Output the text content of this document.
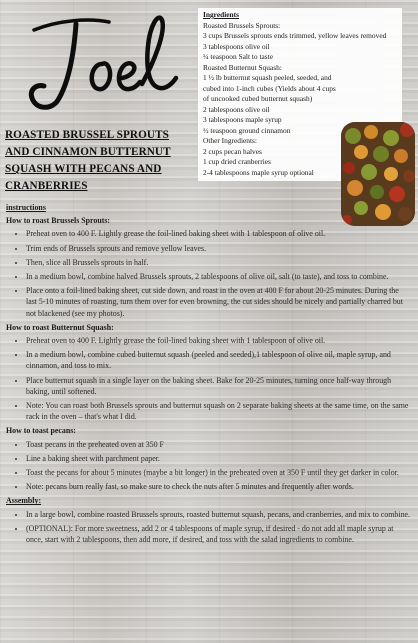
Ingredients
Roasted Brussels Sprouts:
3 cups Brussels sprouts ends trimmed, yellow leaves removed
3 tablespoons olive oil
¼ teaspoon Salt to taste
Roasted Butternut Squash:
1 ½ lb butternut squash peeled, seeded, and cubed into 1-inch cubes (Yields about 4 cups of uncooked cubed butternut squash)
2 tablespoons olive oil
3 tablespoons maple syrup
½ teaspoon ground cinnamon
Other Ingredients:
2 cups pecan halves
1 cup dried cranberries
2-4 tablespoons maple syrup optional
ROASTED BRUSSEL SPROUTS AND CINNAMON BUTTERNUT SQUASH WITH PECANS AND CRANBERRIES
instructions
How to roast Brussels Sprouts:
• Preheat oven to 400 F. Lightly grease the foil-lined baking sheet with 1 tablespoon of olive oil.
• Trim ends of Brussels sprouts and remove yellow leaves.
• Then, slice all Brussels sprouts in half.
• In a medium bowl, combine halved Brussels sprouts, 2 tablespoons of olive oil, salt (to taste), and toss to combine.
• Place onto a foil-lined baking sheet, cut side down, and roast in the oven at 400 F for about 20-25 minutes. During the last 5-10 minutes of roasting, turn them over for even browning, the cut sides should be nicely and partially charred but not blackened (see my photos).
How to roast Butternut Squash:
• Preheat oven to 400 F. Lightly grease the foil-lined baking sheet with 1 tablespoon of olive oil.
• In a medium bowl, combine cubed butternut squash (peeled and seeded),1 tablespoon of olive oil, maple syrup, and cinnamon, and toss to mix.
• Place butternut squash in a single layer on the baking sheet. Bake for 20-25 minutes, turning once half-way through baking, until softened.
• Note: You can roast both Brussels sprouts and butternut squash on 2 separate baking sheets at the same time, on the same rack in the oven – that's what I did.
How to toast pecans:
• Toast pecans in the preheated oven at 350 F
• Line a baking sheet with parchment paper.
• Toast the pecans for about 5 minutes (maybe a bit longer) in the preheated oven at 350 F until they get darker in color.
• Note: pecans burn really fast, so make sure to check the nuts after 5 minutes and frequently after words.
Assembly:
• In a large bowl, combine roasted Brussels sprouts, roasted butternut squash, pecans, and cranberries, and mix to combine.
• (OPTIONAL): For more sweetness, add 2 or 4 tablespoons of maple syrup, if desired - do not add all maple syrup at once, start with 2 tablespoons, then add more, if desired, and toss with the salad ingredients to combine.
